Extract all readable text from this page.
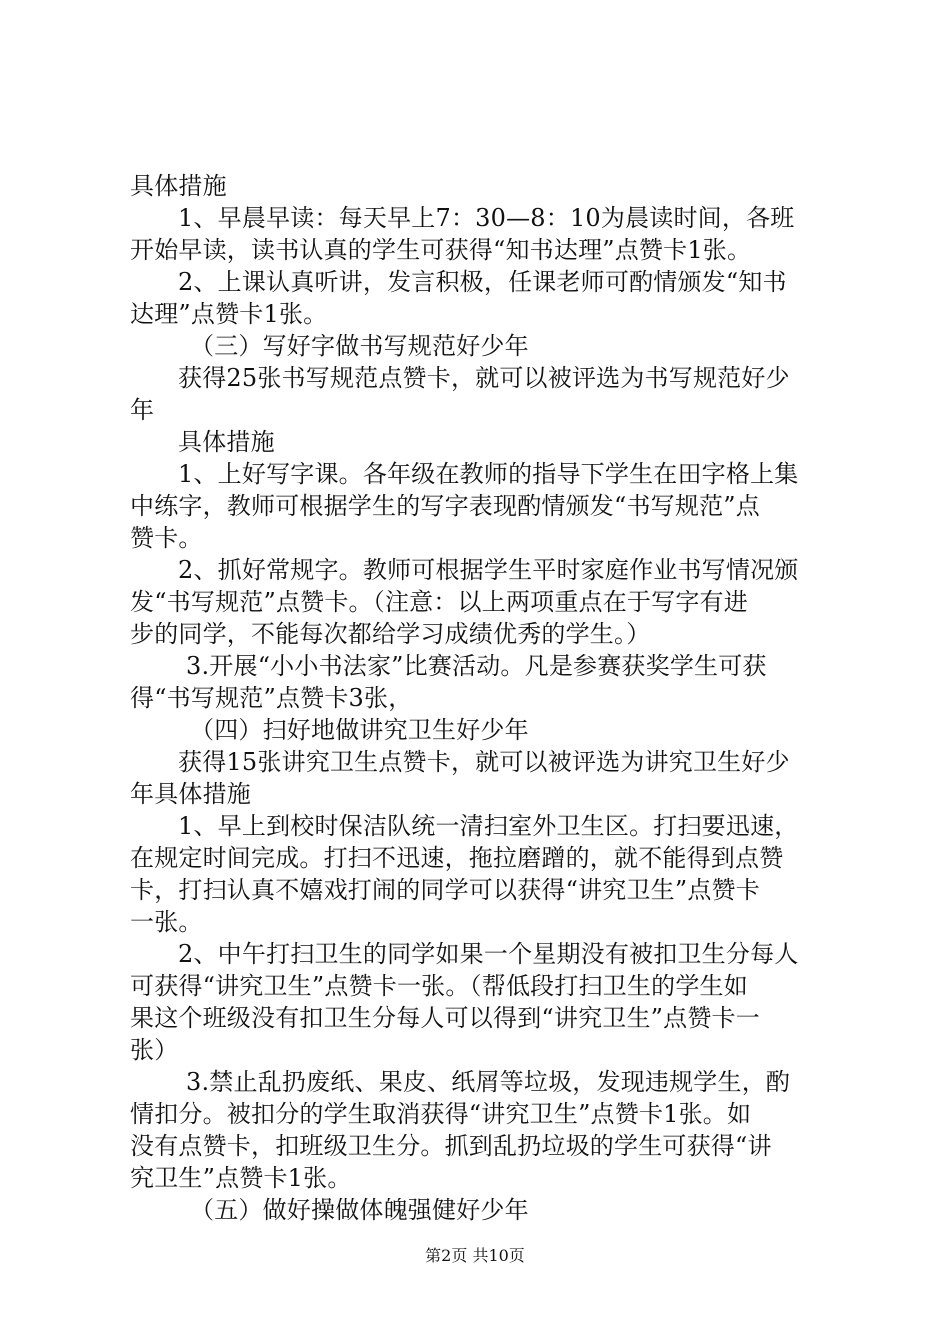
具体措施

1、早晨早读：每天早上7：30—8：10为晨读时间，各班

开始早读，读书认真的学生可获得“知书达理”点赞卡1张。

2、上课认真听讲，发言积极，任课老师可酌情颁发“知书

达理”点赞卡1张。

（三）写好字做书写规范好少年

获得25张书写规范点赞卡，就可以被评选为书写规范好少

年

具体措施

1、上好写字课。各年级在教师的指导下学生在田字格上集

中练字，教师可根据学生的写字表现酌情颁发“书写规范”点

赞卡。

2、抓好常规字。教师可根据学生平时家庭作业书写情况颁

发“书写规范”点赞卡。（注意：以上两项重点在于写字有进

步的同学，不能每次都给学习成绩优秀的学生。）

3.开展“小小书法家”比赛活动。凡是参赛获奖学生可获

得“书写规范”点赞卡3张，

（四）扫好地做讲究卫生好少年

获得15张讲究卫生点赞卡，就可以被评选为讲究卫生好少

年具体措施

1、早上到校时保洁队统一清扫室外卫生区。打扫要迅速，

在规定时间完成。打扫不迅速，拖拉磨蹭的，就不能得到点赞

卡，打扫认真不嬉戏打闹的同学可以获得“讲究卫生”点赞卡

一张。

2、中午打扫卫生的同学如果一个星期没有被扣卫生分每人

可获得“讲究卫生”点赞卡一张。（帮低段打扫卫生的学生如

果这个班级没有扣卫生分每人可以得到“讲究卫生”点赞卡一

张）

3.禁止乱扔废纸、果皮、纸屑等垃圾，发现违规学生，酌

情扣分。被扣分的学生取消获得“讲究卫生”点赞卡1张。如

没有点赞卡，扣班级卫生分。抓到乱扔垃圾的学生可获得“讲

究卫生”点赞卡1张。

（五）做好操做体魄强健好少年

第2页 共10页
